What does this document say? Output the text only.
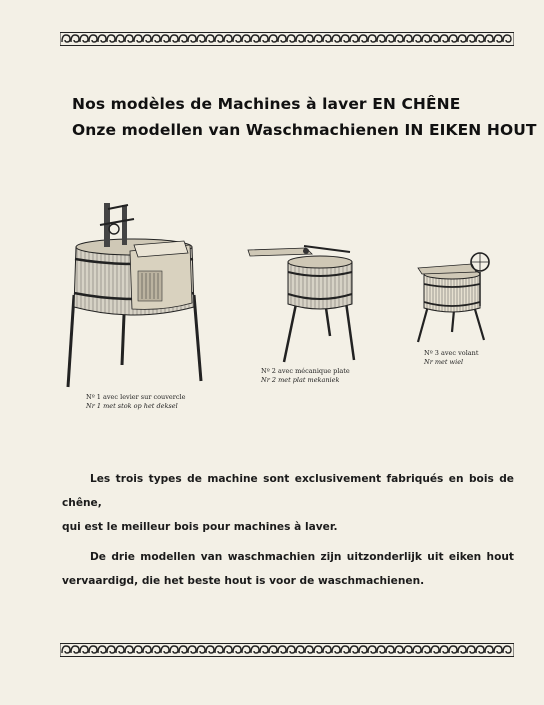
Nos modèles de Machines à laver EN CHÊNE
Onze modellen van Waschmachienen IN EIKEN HOUT
Nº 1 avec levier sur couvercle
Nr 1 met stok op het deksel
Nº 2 avec mécanique plate
Nr 2 met plat mekaniek
Nº 3 avec volant
Nr met wiel
Les trois types de machine sont exclusivement fabriqués en bois de chêne,
qui est le meilleur bois pour machines à laver.
De drie modellen van waschmachien zijn uitzonderlijk uit eiken hout
vervaardigd, die het beste hout is voor de waschmachienen.
